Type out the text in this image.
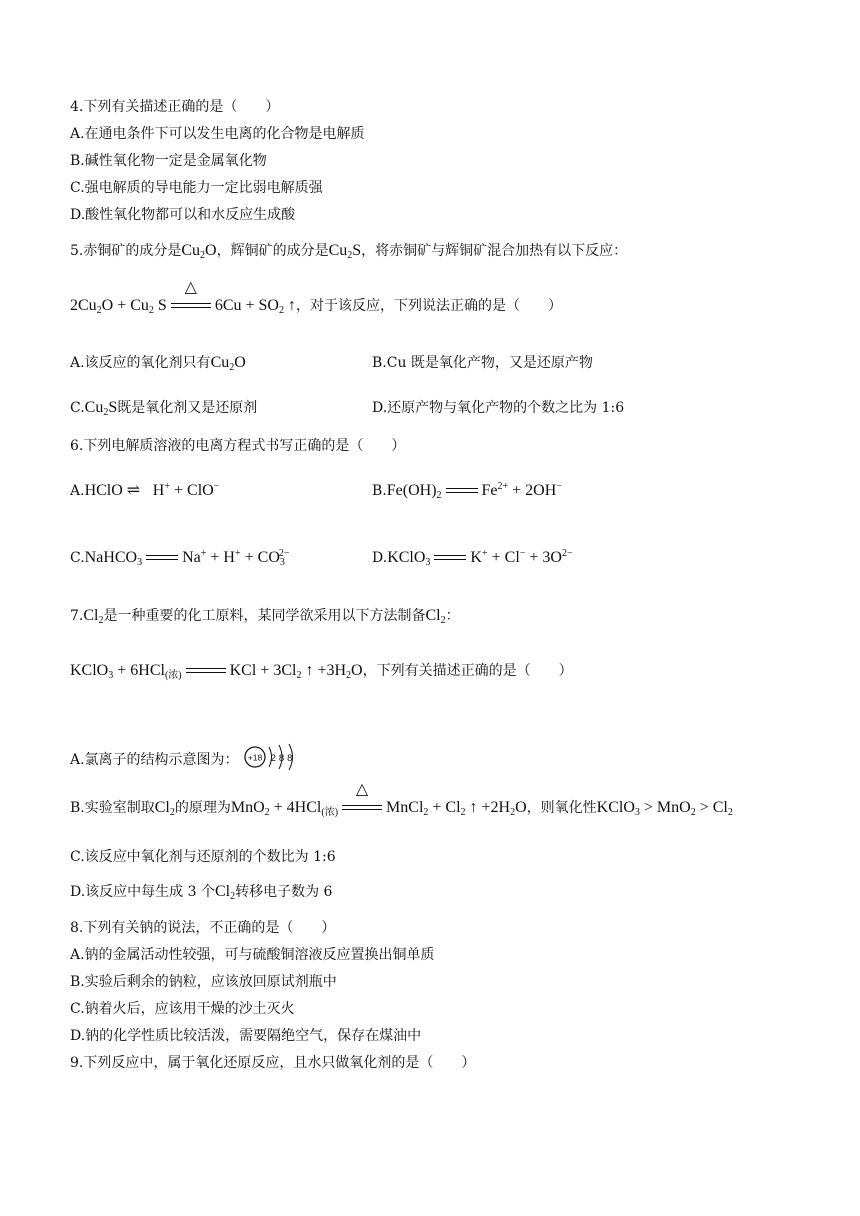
4.下列有关描述正确的是（　　）
A.在通电条件下可以发生电离的化合物是电解质
B.碱性氧化物一定是金属氧化物
C.强电解质的导电能力一定比弱电解质强
D.酸性氧化物都可以和水反应生成酸
5.赤铜矿的成分是$Cu_2O$，辉铜矿的成分是$Cu_2S$，将赤铜矿与辉铜矿混合加热有以下反应：
$2Cu_2O + Cu_2$ S
△
$6Cu + SO_2$ ↑，对于该反应，下列说法正确的是（　　）
A.该反应的氧化剂只有$Cu_2O$	B.Cu 既是氧化产物，又是还原产物
$C.Cu_2S$既是氧化剂又是还原剂	D.还原产物与氧化产物的个数之比为 1:6
6.下列电解质溶液的电离方程式书写正确的是（　　）
A.HClO ⇌ H+ + ClO−	$B.Fe(OH)_2$	$Fe^{2+} + 2OH^-$
C.NaHCO$_3$	$Na^+ + H^+ + CO_3^{2-}$	D.KClO$_3$	$K^+ + Cl^- + 3O^{2-}$
$7.Cl_2$是一种重要的化工原料，某同学欲采用以下方法制备$Cl_2$：
KClO$_3$ + 6HCl$_{(浓)}$	KCl + $3Cl_2$ ↑ $+3H_2O$，下列有关描述正确的是（　　）
A.氯离子的结构示意图为： +18 288
B.实验室制取$Cl_2$的原理为MnO$_2$ + 4HCl$_{(浓)}$
△
MnCl$_2$ + $Cl_2$ ↑ $+2H_2O$，则氧化性KClO$_3$ > $MnO_2 > Cl_2$
C.该反应中氧化剂与还原剂的个数比为 1:6
D.该反应中每生成 3 个$Cl_2$转移电子数为 6
8.下列有关钠的说法，不正确的是（　　）
A.钠的金属活动性较强，可与硫酸铜溶液反应置换出铜单质
B.实验后剩余的钠粒，应该放回原试剂瓶中
C.钠着火后，应该用干燥的沙土灭火
D.钠的化学性质比较活泼，需要隔绝空气，保存在煤油中
9.下列反应中，属于氧化还原反应，且水只做氧化剂的是（　　）
